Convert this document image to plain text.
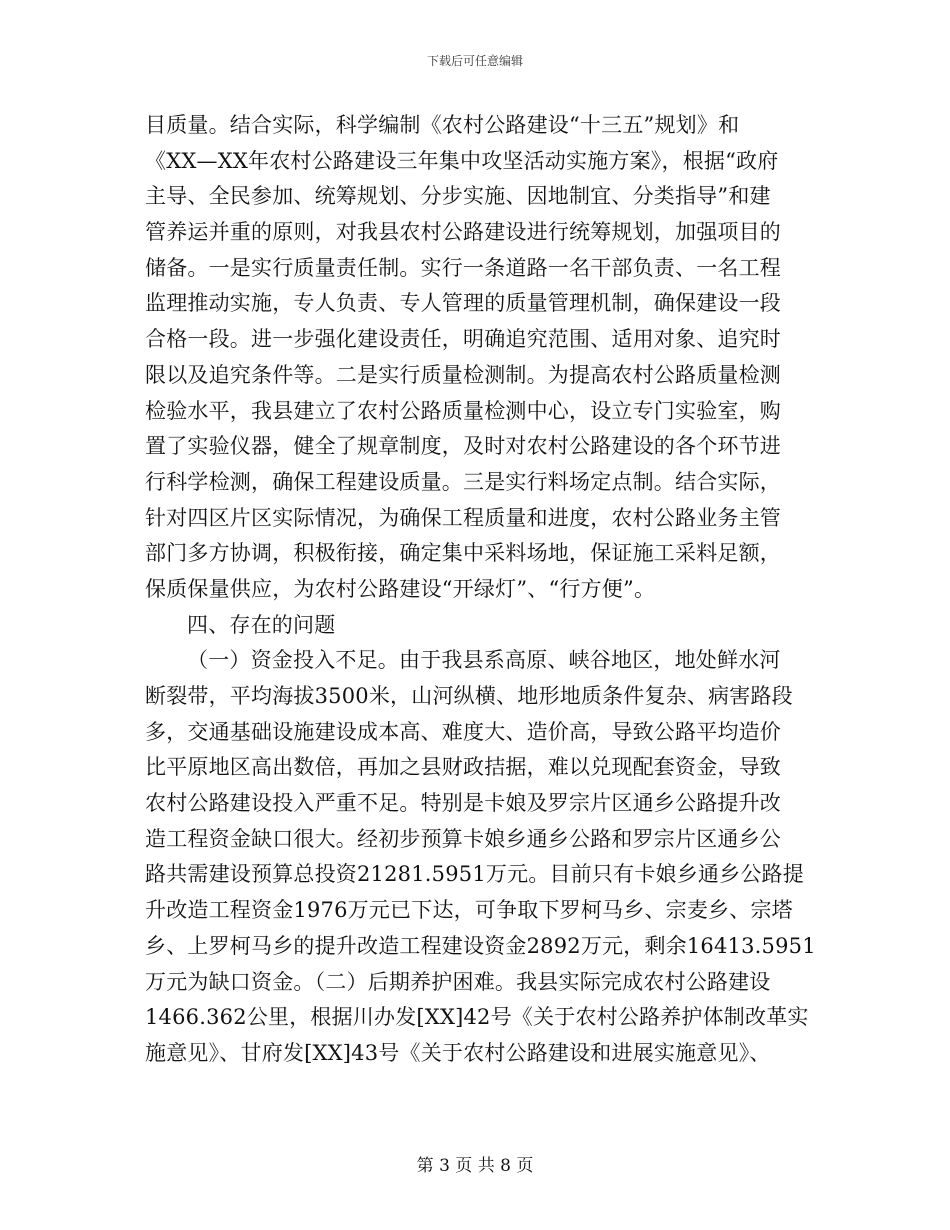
下载后可任意编辑
目质量。结合实际，科学编制《农村公路建设“十三五”规划》和
《XX—XX年农村公路建设三年集中攻坚活动实施方案》，根据“政府
主导、全民参加、统筹规划、分步实施、因地制宜、分类指导”和建
管养运并重的原则，对我县农村公路建设进行统筹规划，加强项目的
储备。一是实行质量责任制。实行一条道路一名干部负责、一名工程
监理推动实施，专人负责、专人管理的质量管理机制，确保建设一段
合格一段。进一步强化建设责任，明确追究范围、适用对象、追究时
限以及追究条件等。二是实行质量检测制。为提高农村公路质量检测
检验水平，我县建立了农村公路质量检测中心，设立专门实验室，购
置了实验仪器，健全了规章制度，及时对农村公路建设的各个环节进
行科学检测，确保工程建设质量。三是实行料场定点制。结合实际，
针对四区片区实际情况，为确保工程质量和进度，农村公路业务主管
部门多方协调，积极衔接，确定集中采料场地，保证施工采料足额，
保质保量供应，为农村公路建设“开绿灯”、“行方便”。
四、存在的问题
（一）资金投入不足。由于我县系高原、峡谷地区，地处鲜水河
断裂带，平均海拔3500米，山河纵横、地形地质条件复杂、病害路段
多，交通基础设施建设成本高、难度大、造价高，导致公路平均造价
比平原地区高出数倍，再加之县财政拮据，难以兑现配套资金，导致
农村公路建设投入严重不足。特别是卡娘及罗宗片区通乡公路提升改
造工程资金缺口很大。经初步预算卡娘乡通乡公路和罗宗片区通乡公
路共需建设预算总投资21281.5951万元。目前只有卡娘乡通乡公路提
升改造工程资金1976万元已下达，可争取下罗柯马乡、宗麦乡、宗塔
乡、上罗柯马乡的提升改造工程建设资金2892万元，剩余16413.5951
万元为缺口资金。（二）后期养护困难。我县实际完成农村公路建设
1466.362公里，根据川办发[XX]42号《关于农村公路养护体制改革实
施意见》、甘府发[XX]43号《关于农村公路建设和进展实施意见》、
第 3 页 共 8 页
